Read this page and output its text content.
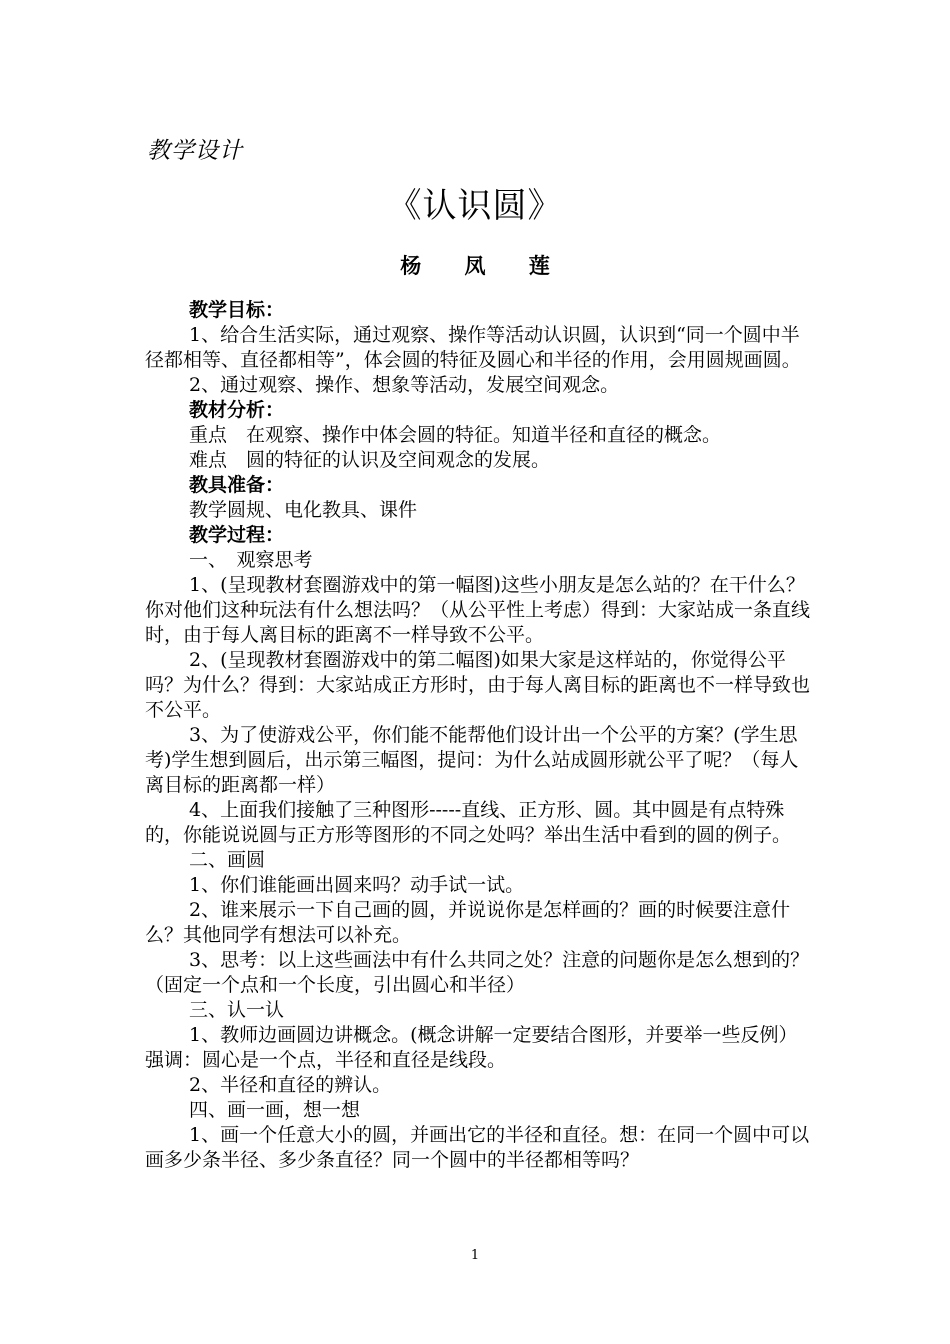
教学设计
《认识圆》
杨 凤 莲

教学目标：

1、给合生活实际，通过观察、操作等活动认识圆，认识到“同一个圆中半径都相等、直径都相等”，体会圆的特征及圆心和半径的作用，会用圆规画圆。

2、通过观察、操作、想象等活动，发展空间观念。

教材分析：

重点　在观察、操作中体会圆的特征。知道半径和直径的概念。

难点　圆的特征的认识及空间观念的发展。

教具准备：

教学圆规、电化教具、课件

教学过程：

一、　观察思考

1、(呈现教材套圈游戏中的第一幅图)这些小朋友是怎么站的？在干什么？你对他们这种玩法有什么想法吗？（从公平性上考虑）得到：大家站成一条直线时，由于每人离目标的距离不一样导致不公平。

2、(呈现教材套圈游戏中的第二幅图)如果大家是这样站的，你觉得公平吗？为什么？得到：大家站成正方形时，由于每人离目标的距离也不一样导致也不公平。

3、为了使游戏公平，你们能不能帮他们设计出一个公平的方案？(学生思考)学生想到圆后，出示第三幅图，提问：为什么站成圆形就公平了呢？（每人离目标的距离都一样）

4、上面我们接触了三种图形-----直线、正方形、圆。其中圆是有点特殊的，你能说说圆与正方形等图形的不同之处吗？举出生活中看到的圆的例子。

二、画圆

1、你们谁能画出圆来吗？动手试一试。

2、谁来展示一下自己画的圆，并说说你是怎样画的？画的时候要注意什么？其他同学有想法可以补充。

3、思考：以上这些画法中有什么共同之处？注意的问题你是怎么想到的？（固定一个点和一个长度，引出圆心和半径）

三、认一认

1、教师边画圆边讲概念。(概念讲解一定要结合图形，并要举一些反例）强调：圆心是一个点，半径和直径是线段。

2、半径和直径的辨认。

四、画一画，想一想

1、画一个任意大小的圆，并画出它的半径和直径。想：在同一个圆中可以画多少条半径、多少条直径？同一个圆中的半径都相等吗？

1
